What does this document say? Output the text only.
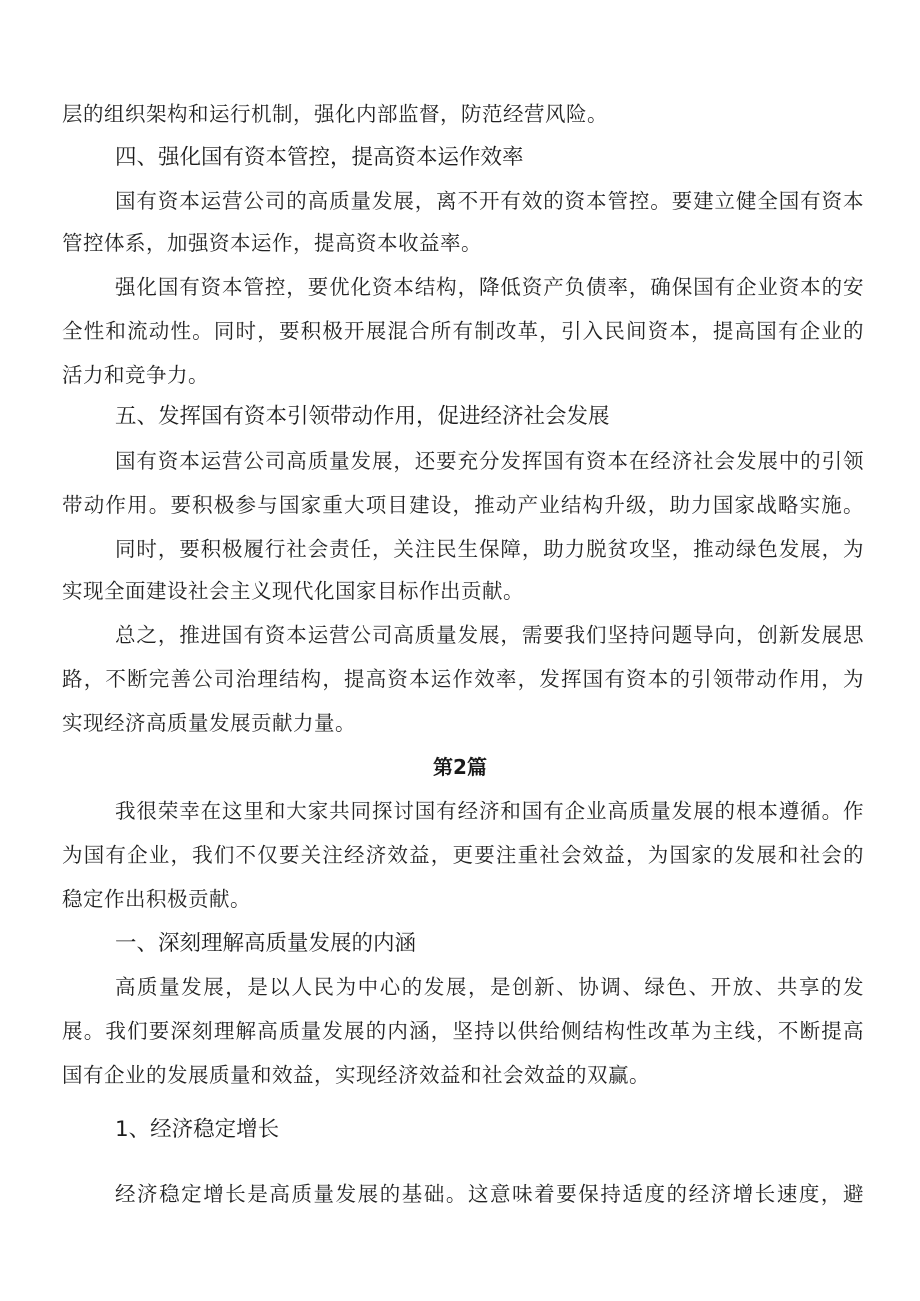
层的组织架构和运行机制，强化内部监督，防范经营风险。
四、强化国有资本管控，提高资本运作效率
国有资本运营公司的高质量发展，离不开有效的资本管控。要建立健全国有资本
管控体系，加强资本运作，提高资本收益率。
强化国有资本管控，要优化资本结构，降低资产负债率，确保国有企业资本的安
全性和流动性。同时，要积极开展混合所有制改革，引入民间资本，提高国有企业的
活力和竞争力。
五、发挥国有资本引领带动作用，促进经济社会发展
国有资本运营公司高质量发展，还要充分发挥国有资本在经济社会发展中的引领
带动作用。要积极参与国家重大项目建设，推动产业结构升级，助力国家战略实施。
同时，要积极履行社会责任，关注民生保障，助力脱贫攻坚，推动绿色发展，为
实现全面建设社会主义现代化国家目标作出贡献。
总之，推进国有资本运营公司高质量发展，需要我们坚持问题导向，创新发展思
路，不断完善公司治理结构，提高资本运作效率，发挥国有资本的引领带动作用，为
实现经济高质量发展贡献力量。
第2篇
我很荣幸在这里和大家共同探讨国有经济和国有企业高质量发展的根本遵循。作
为国有企业，我们不仅要关注经济效益，更要注重社会效益，为国家的发展和社会的
稳定作出积极贡献。
一、深刻理解高质量发展的内涵
高质量发展，是以人民为中心的发展，是创新、协调、绿色、开放、共享的发
展。我们要深刻理解高质量发展的内涵，坚持以供给侧结构性改革为主线，不断提高
国有企业的发展质量和效益，实现经济效益和社会效益的双赢。
1、经济稳定增长
经济稳定增长是高质量发展的基础。这意味着要保持适度的经济增长速度，避
